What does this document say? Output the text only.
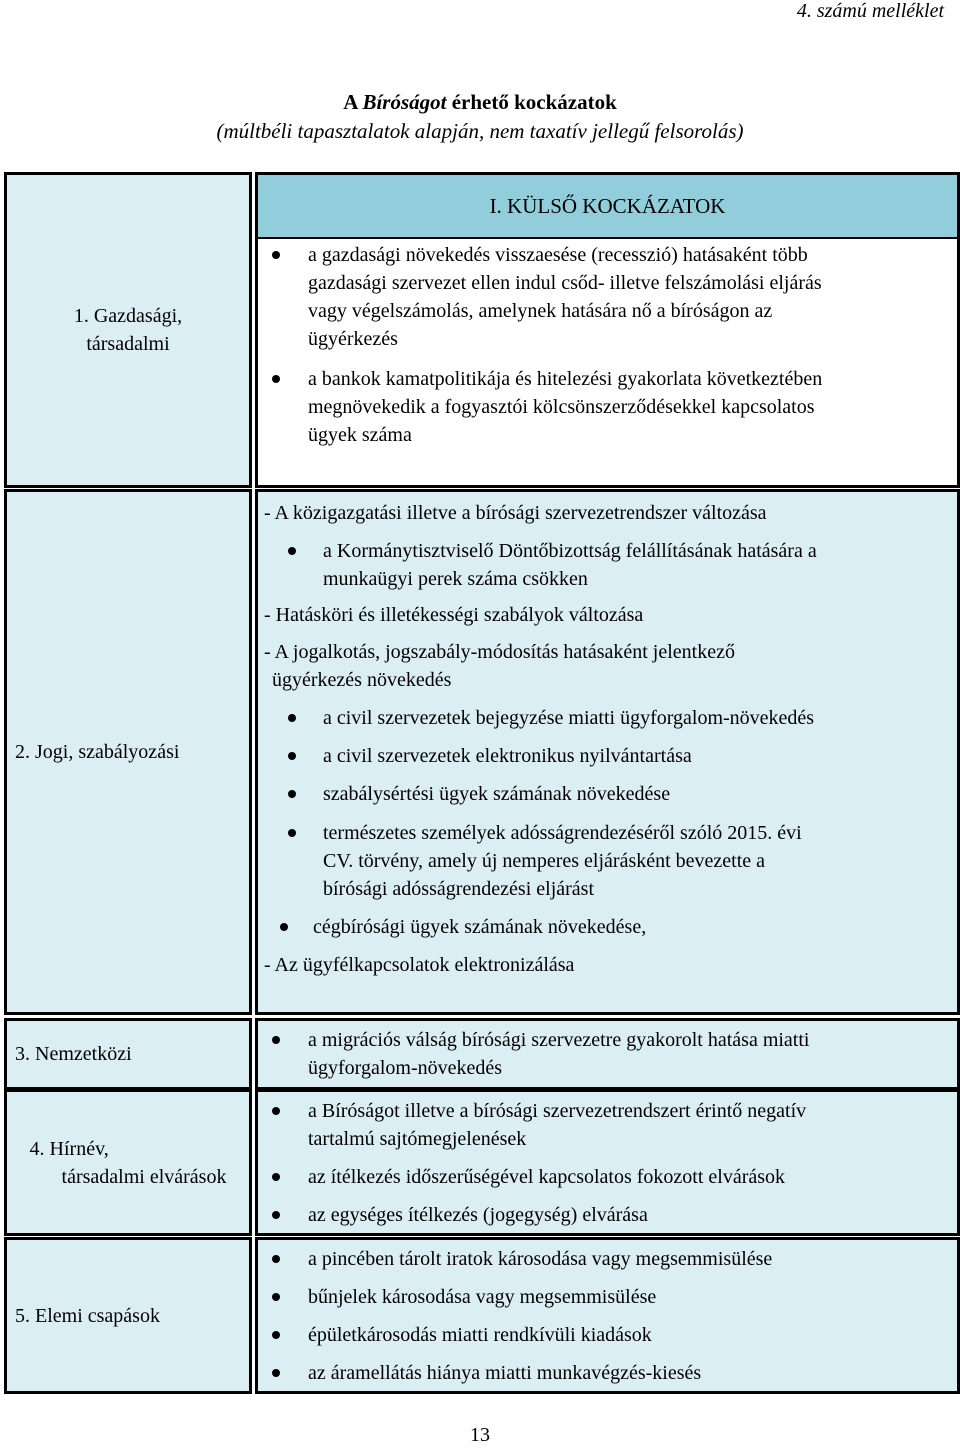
4. számú melléklet
A Bíróságot érhető kockázatok
(múltbéli tapasztalatok alapján, nem taxatív jellegű felsorolás)
1. Gazdasági,
társadalmi
I. KÜLSŐ KOCKÁZATOK
a gazdasági növekedés visszaesése (recesszió) hatásaként több
gazdasági szervezet ellen indul csőd- illetve felszámolási eljárás
vagy végelszámolás, amelynek hatására nő a bíróságon az
ügyérkezés
a bankok kamatpolitikája és hitelezési gyakorlata következtében
megnövekedik a fogyasztói kölcsönszerződésekkel kapcsolatos
ügyek száma
2. Jogi, szabályozási
- A közigazgatási illetve a bírósági szervezetrendszer változása
a Kormánytisztviselő Döntőbizottság felállításának hatására a
munkaügyi perek száma csökken
- Hatásköri és illetékességi szabályok változása
- A jogalkotás, jogszabály-módosítás hatásaként jelentkező
ügyérkezés növekedés
a civil szervezetek bejegyzése miatti ügyforgalom-növekedés
a civil szervezetek elektronikus nyilvántartása
szabálysértési ügyek számának növekedése
természetes személyek adósságrendezéséről szóló 2015. évi
CV. törvény, amely új nemperes eljárásként bevezette a
bírósági adósságrendezési eljárást
cégbírósági ügyek számának növekedése,
- Az ügyfélkapcsolatok elektronizálása
3. Nemzetközi
a migrációs válság bírósági szervezetre gyakorolt hatása miatti
ügyforgalom-növekedés
4. Hírnév,
társadalmi elvárások
a Bíróságot illetve a bírósági szervezetrendszert érintő negatív
tartalmú sajtómegjelenések
az ítélkezés időszerűségével kapcsolatos fokozott elvárások
az egységes ítélkezés (jogegység) elvárása
5. Elemi csapások
a pincében tárolt iratok károsodása vagy megsemmisülése
bűnjelek károsodása vagy megsemmisülése
épületkárosodás miatti rendkívüli kiadások
az áramellátás hiánya miatti munkavégzés-kiesés
13
